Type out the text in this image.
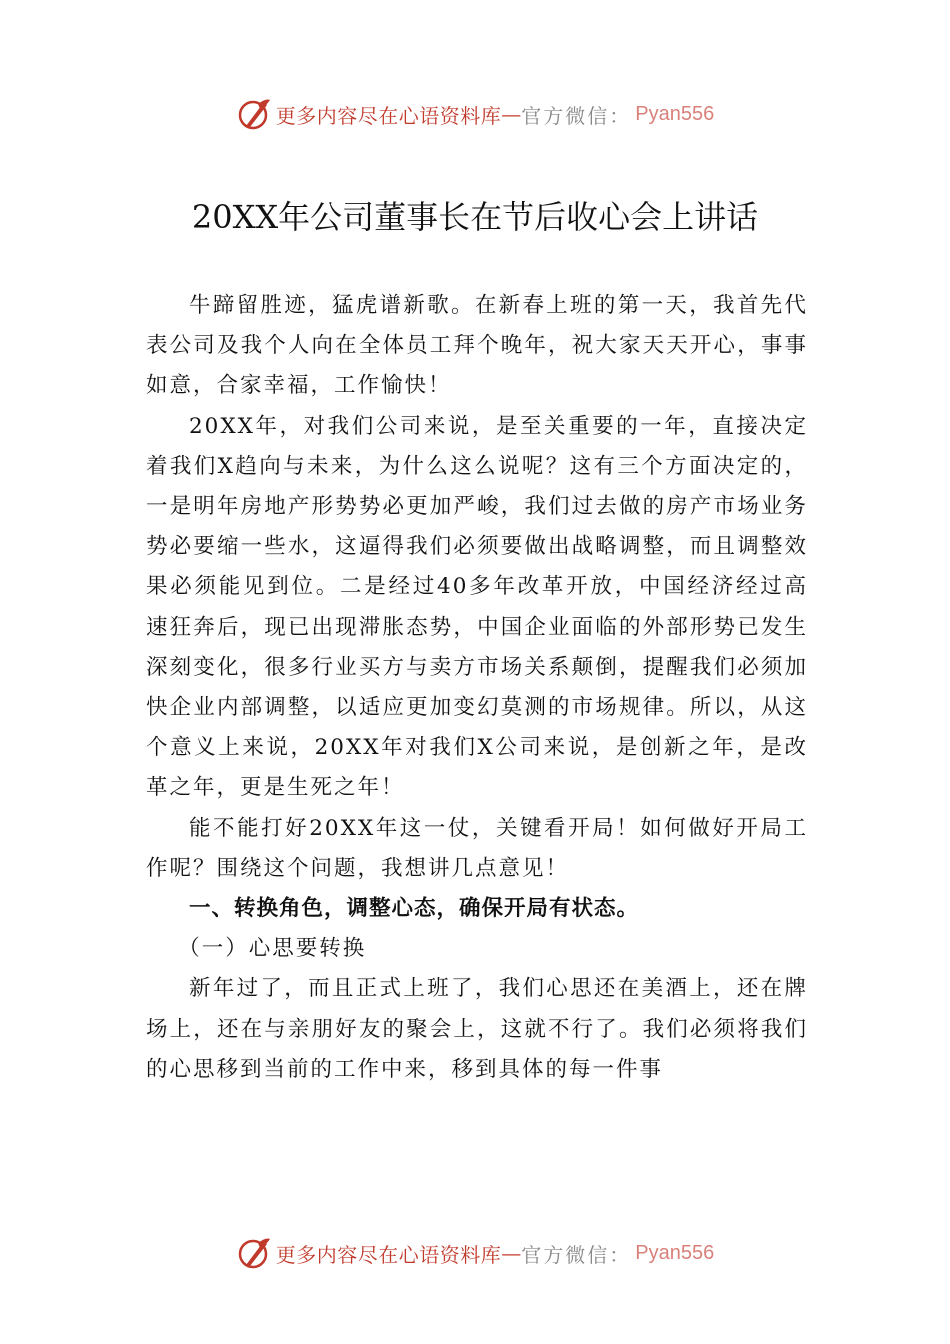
更多内容尽在心语资料库 — 官方微信： Pyan556
20XX年公司董事长在节后收心会上讲话

牛蹄留胜迹，猛虎谱新歌。在新春上班的第一天，我首先代表公司及我个人向在全体员工拜个晚年，祝大家天天开心，事事如意，合家幸福，工作愉快！

20XX年，对我们公司来说，是至关重要的一年，直接决定着我们X趋向与未来，为什么这么说呢？这有三个方面决定的，一是明年房地产形势势必更加严峻，我们过去做的房产市场业务势必要缩一些水，这逼得我们必须要做出战略调整，而且调整效果必须能见到位。二是经过40多年改革开放，中国经济经过高速狂奔后，现已出现滞胀态势，中国企业面临的外部形势已发生深刻变化，很多行业买方与卖方市场关系颠倒，提醒我们必须加快企业内部调整，以适应更加变幻莫测的市场规律。所以，从这个意义上来说，20XX年对我们X公司来说，是创新之年，是改革之年，更是生死之年！

能不能打好20XX年这一仗，关键看开局！如何做好开局工作呢？围绕这个问题，我想讲几点意见！

一、转换角色，调整心态，确保开局有状态。
（一）心思要转换

新年过了，而且正式上班了，我们心思还在美酒上，还在牌场上，还在与亲朋好友的聚会上，这就不行了。我们必须将我们的心思移到当前的工作中来，移到具体的每一件事

更多内容尽在心语资料库 — 官方微信： Pyan556
